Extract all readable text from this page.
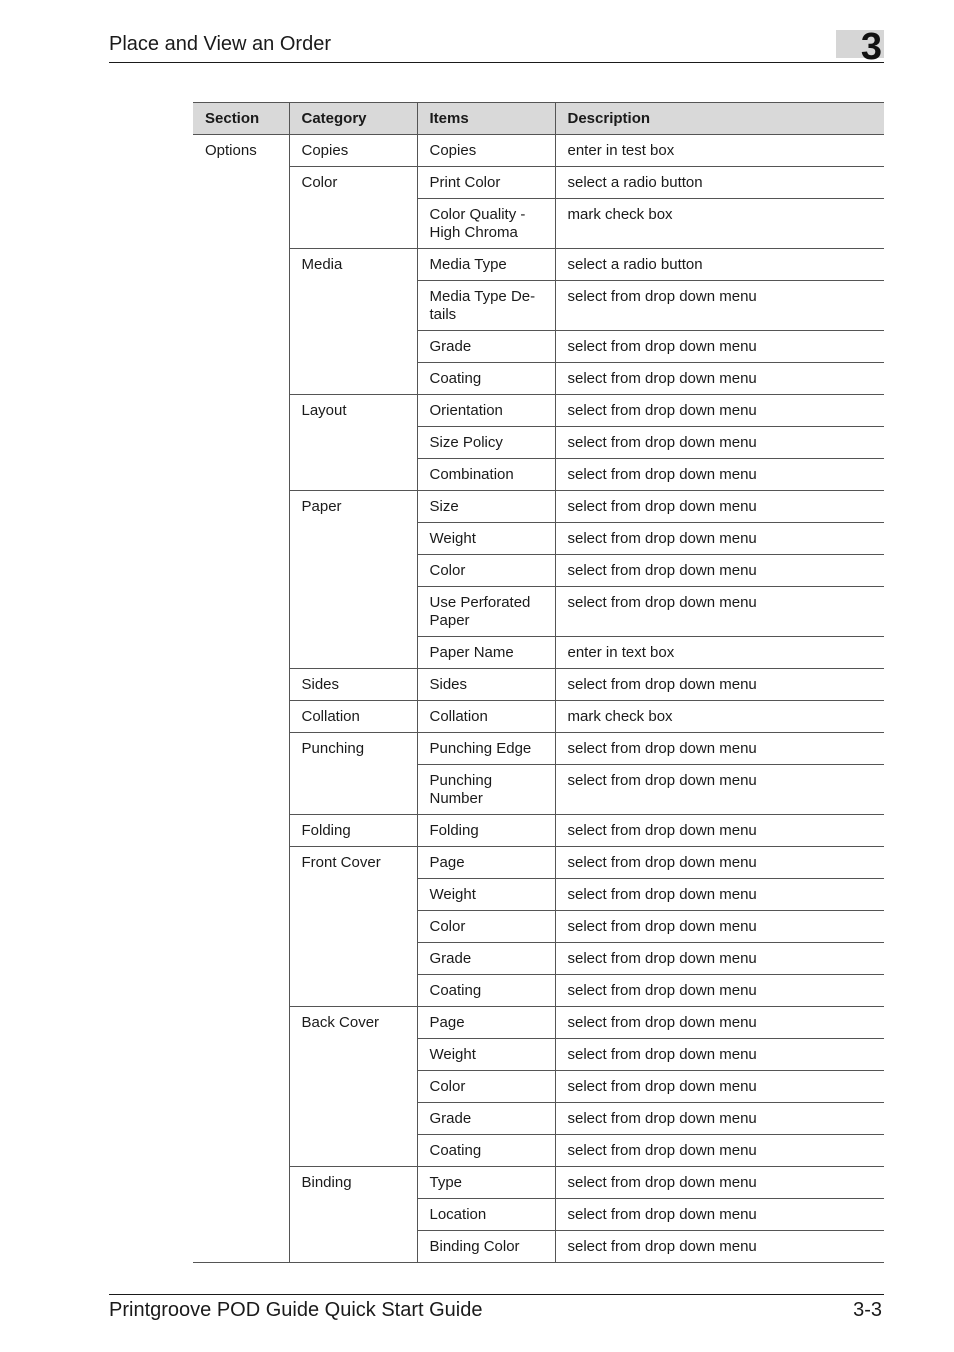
Place and View an Order	3
Section	Category	Items	Description
Options	Copies	Copies	enter in test box
	Color	Print Color	select a radio button
		Color Quality - High Chroma	mark check box
	Media	Media Type	select a radio button
		Media Type De- tails	select from drop down menu
		Grade	select from drop down menu
		Coating	select from drop down menu
	Layout	Orientation	select from drop down menu
		Size Policy	select from drop down menu
		Combination	select from drop down menu
	Paper	Size	select from drop down menu
		Weight	select from drop down menu
		Color	select from drop down menu
		Use Perforated Paper	select from drop down menu
		Paper Name	enter in text box
	Sides	Sides	select from drop down menu
	Collation	Collation	mark check box
	Punching	Punching Edge	select from drop down menu
		Punching Number	select from drop down menu
	Folding	Folding	select from drop down menu
	Front Cover	Page	select from drop down menu
		Weight	select from drop down menu
		Color	select from drop down menu
		Grade	select from drop down menu
		Coating	select from drop down menu
	Back Cover	Page	select from drop down menu
		Weight	select from drop down menu
		Color	select from drop down menu
		Grade	select from drop down menu
		Coating	select from drop down menu
	Binding	Type	select from drop down menu
		Location	select from drop down menu
		Binding Color	select from drop down menu
Printgroove POD Guide Quick Start Guide	3-3
